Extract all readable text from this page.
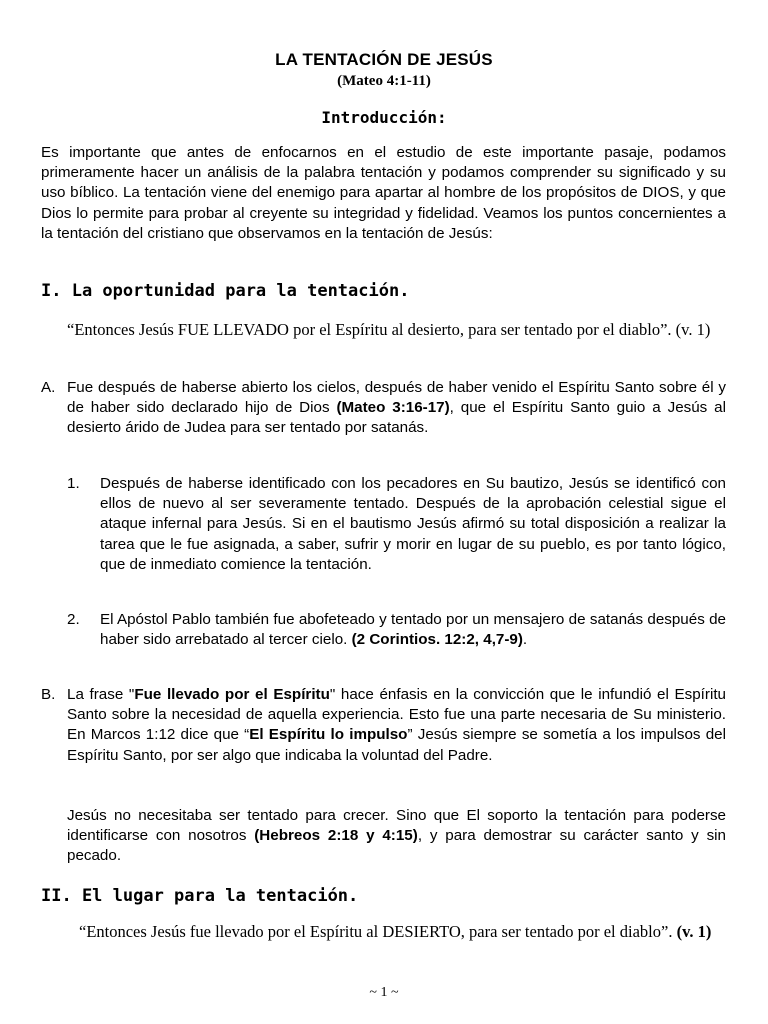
LA TENTACIÓN DE JESÚS
(Mateo 4:1-11)
Introducción:

Es importante que antes de enfocarnos en el estudio de este importante pasaje, podamos primeramente hacer un análisis de la palabra tentación y podamos comprender su significado y su uso bíblico. La tentación viene del enemigo para apartar al hombre de los propósitos de DIOS, y que Dios lo permite para probar al creyente su integridad y fidelidad. Veamos los puntos concernientes a la tentación del cristiano que observamos en la tentación de Jesús:

I. La oportunidad para la tentación.

“Entonces Jesús FUE LLEVADO por el Espíritu al desierto, para ser tentado por el diablo”. (v. 1)

A. Fue después de haberse abierto los cielos, después de haber venido el Espíritu Santo sobre él y de haber sido declarado hijo de Dios (Mateo 3:16-17), que el Espíritu Santo guio a Jesús al desierto árido de Judea para ser tentado por satanás.

1. Después de haberse identificado con los pecadores en Su bautizo, Jesús se identificó con ellos de nuevo al ser severamente tentado. Después de la aprobación celestial sigue el ataque infernal para Jesús. Si en el bautismo Jesús afirmó su total disposición a realizar la tarea que le fue asignada, a saber, sufrir y morir en lugar de su pueblo, es por tanto lógico, que de inmediato comience la tentación.

2. El Apóstol Pablo también fue abofeteado y tentado por un mensajero de satanás después de haber sido arrebatado al tercer cielo. (2 Corintios. 12:2, 4,7-9).

B. La frase "Fue llevado por el Espíritu" hace énfasis en la convicción que le infundió el Espíritu Santo sobre la necesidad de aquella experiencia. Esto fue una parte necesaria de Su ministerio. En Marcos 1:12 dice que “El Espíritu lo impulso” Jesús siempre se sometía a los impulsos del Espíritu Santo, por ser algo que indicaba la voluntad del Padre.

Jesús no necesitaba ser tentado para crecer. Sino que El soporto la tentación para poderse identificarse con nosotros (Hebreos 2:18 y 4:15), y para demostrar su carácter santo y sin pecado.

II. El lugar para la tentación.

“Entonces Jesús fue llevado por el Espíritu al DESIERTO, para ser tentado por el diablo”. (v. 1)

~ 1 ~
